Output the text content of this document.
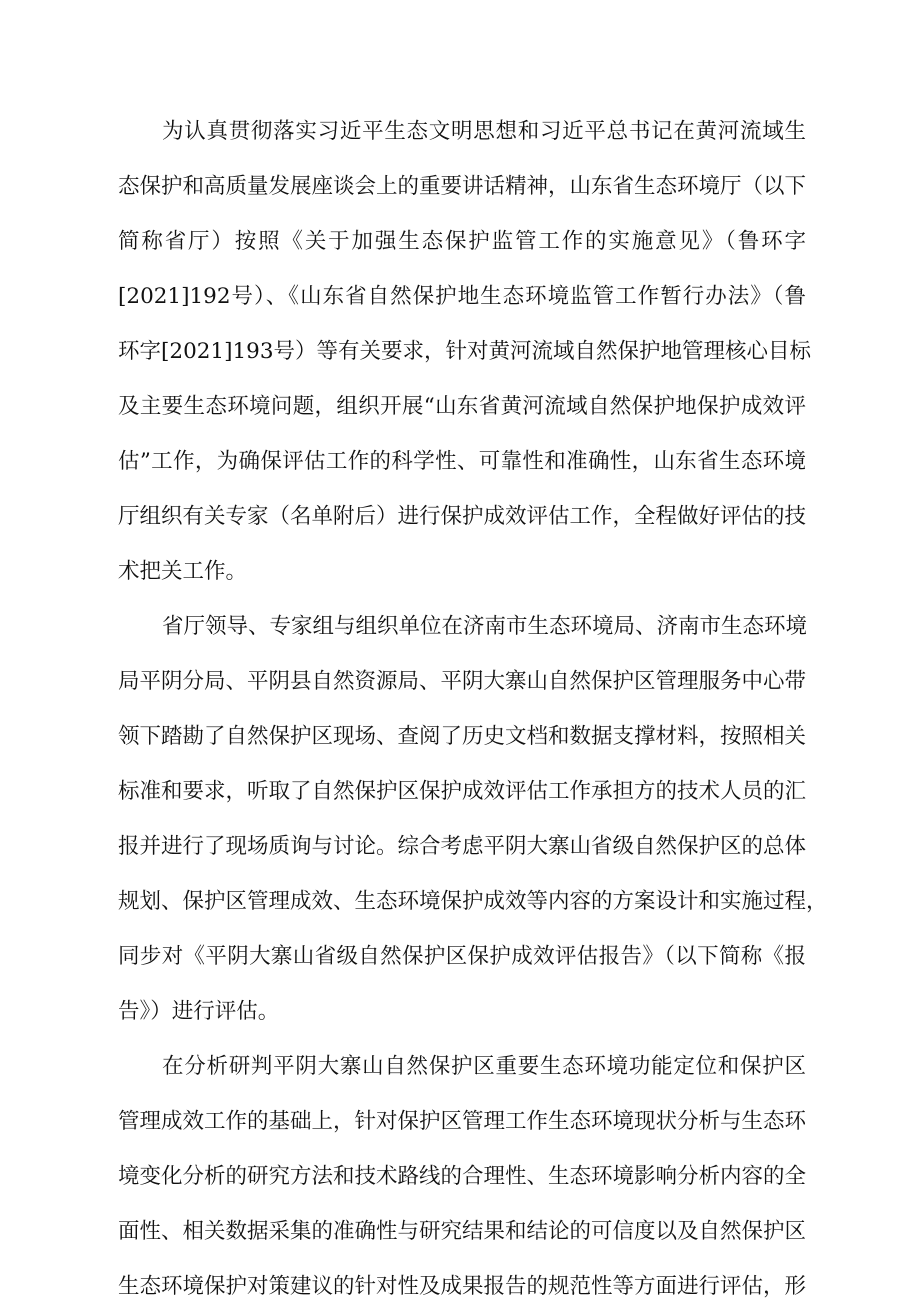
为认真贯彻落实习近平生态文明思想和习近平总书记在黄河流域生
态保护和高质量发展座谈会上的重要讲话精神，山东省生态环境厅（以下
简称省厅）按照《关于加强生态保护监管工作的实施意见》（鲁环字
[2021]192号）、《山东省自然保护地生态环境监管工作暂行办法》（鲁
环字[2021]193号）等有关要求，针对黄河流域自然保护地管理核心目标
及主要生态环境问题，组织开展“山东省黄河流域自然保护地保护成效评
估”工作，为确保评估工作的科学性、可靠性和准确性，山东省生态环境
厅组织有关专家（名单附后）进行保护成效评估工作，全程做好评估的技
术把关工作。
省厅领导、专家组与组织单位在济南市生态环境局、济南市生态环境
局平阴分局、平阴县自然资源局、平阴大寨山自然保护区管理服务中心带
领下踏勘了自然保护区现场、查阅了历史文档和数据支撑材料，按照相关
标准和要求，听取了自然保护区保护成效评估工作承担方的技术人员的汇
报并进行了现场质询与讨论。综合考虑平阴大寨山省级自然保护区的总体
规划、保护区管理成效、生态环境保护成效等内容的方案设计和实施过程，
同步对《平阴大寨山省级自然保护区保护成效评估报告》（以下简称《报
告》）进行评估。
在分析研判平阴大寨山自然保护区重要生态环境功能定位和保护区
管理成效工作的基础上，针对保护区管理工作生态环境现状分析与生态环
境变化分析的研究方法和技术路线的合理性、生态环境影响分析内容的全
面性、相关数据采集的准确性与研究结果和结论的可信度以及自然保护区
生态环境保护对策建议的针对性及成果报告的规范性等方面进行评估，形
